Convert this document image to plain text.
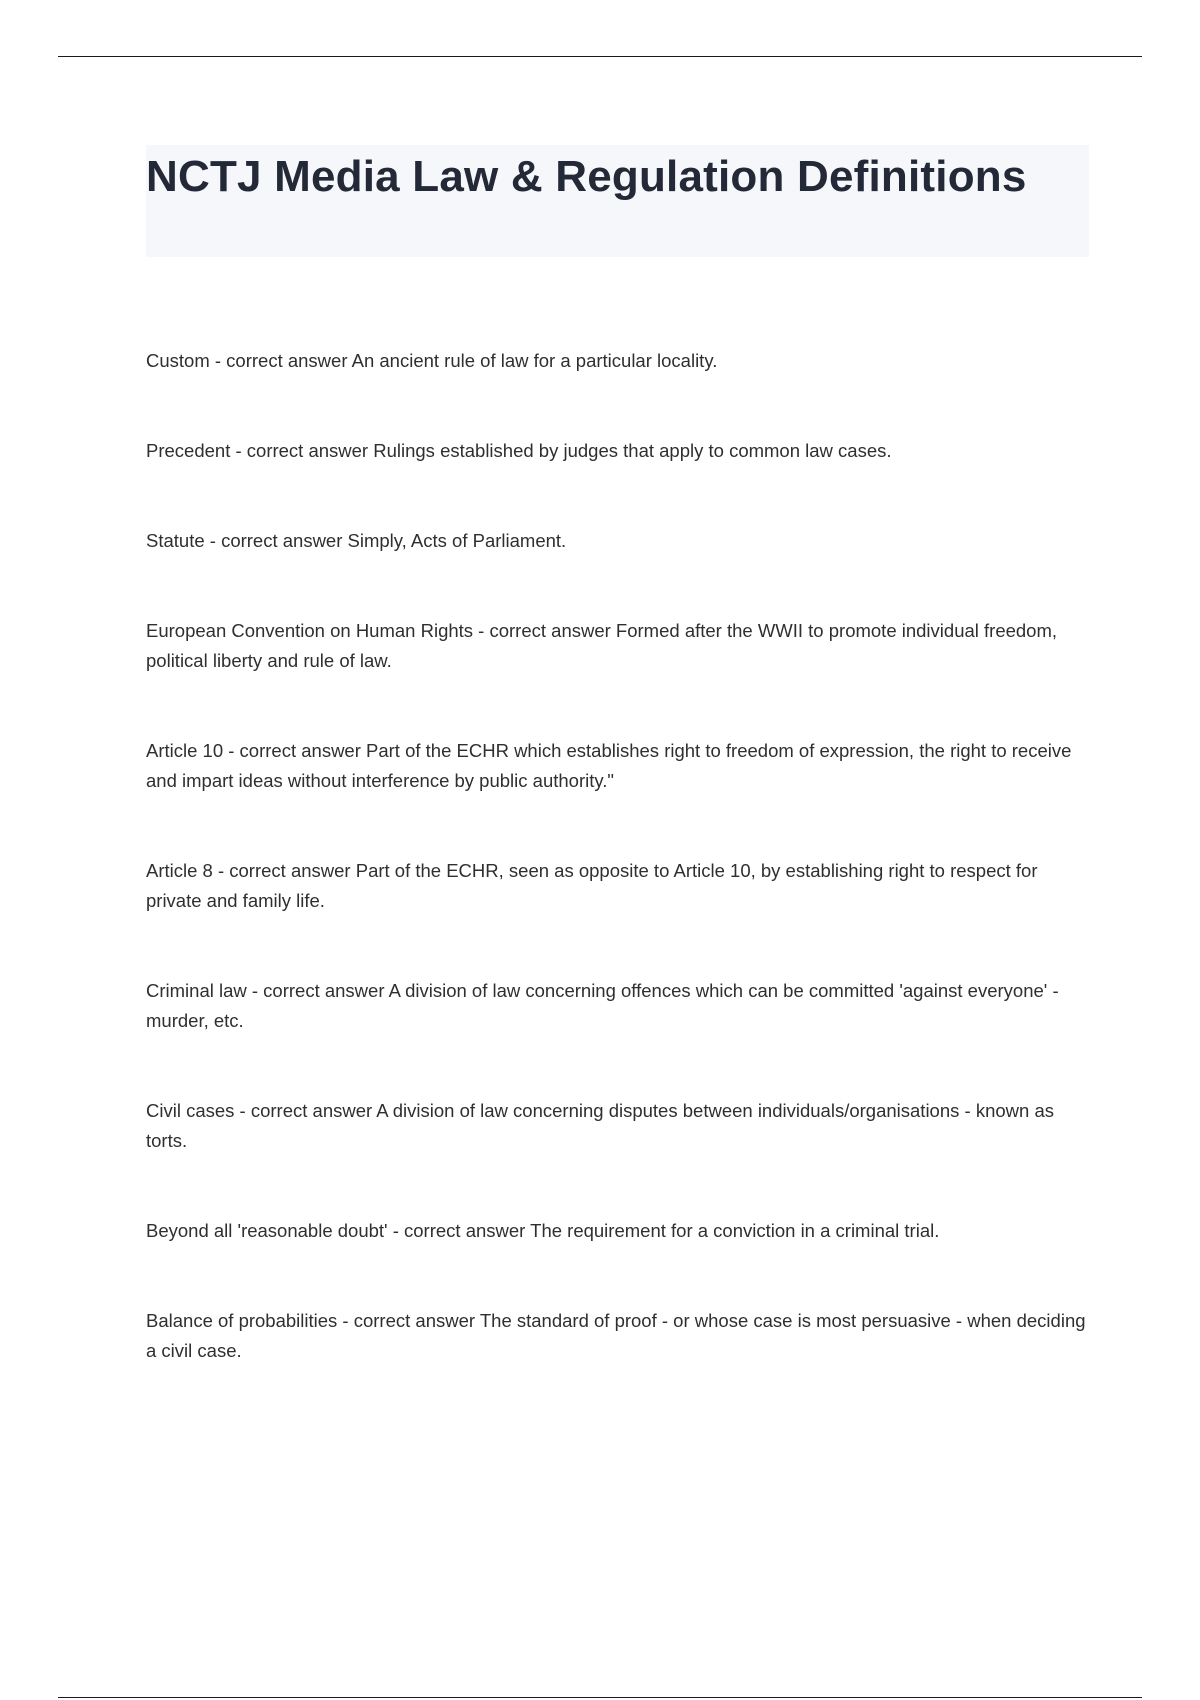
NCTJ Media Law & Regulation Definitions

Custom - correct answer An ancient rule of law for a particular locality.

Precedent - correct answer Rulings established by judges that apply to common law cases.

Statute - correct answer Simply, Acts of Parliament.

European Convention on Human Rights - correct answer Formed after the WWII to promote individual freedom, political liberty and rule of law.

Article 10 - correct answer Part of the ECHR which establishes right to freedom of expression, the right to receive and impart ideas without interference by public authority."

Article 8 - correct answer Part of the ECHR, seen as opposite to Article 10, by establishing right to respect for private and family life.

Criminal law - correct answer A division of law concerning offences which can be committed 'against everyone' - murder, etc.

Civil cases - correct answer A division of law concerning disputes between individuals/organisations - known as torts.

Beyond all 'reasonable doubt' - correct answer The requirement for a conviction in a criminal trial.

Balance of probabilities - correct answer The standard of proof - or whose case is most persuasive - when deciding a civil case.
